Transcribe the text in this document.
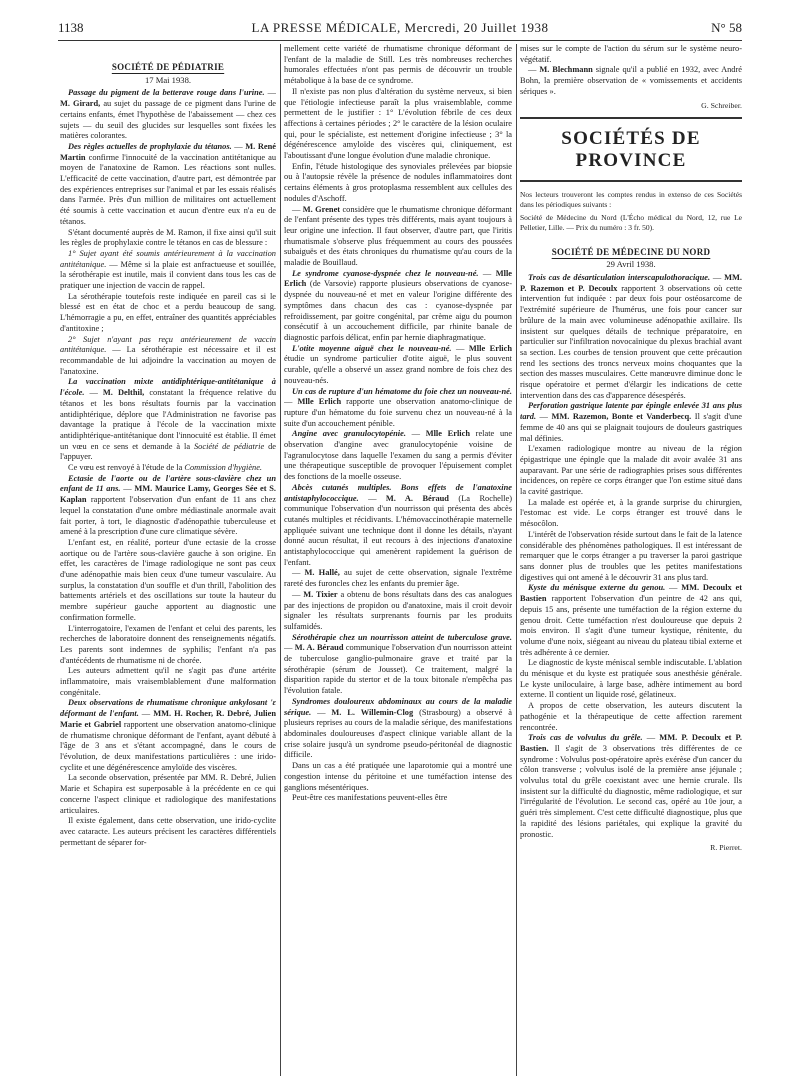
1138	LA PRESSE MÉDICALE, Mercredi, 20 Juillet 1938	N° 58
SOCIÉTÉ DE PÉDIATRIE
17 Mai 1938.

Passage du pigment de la betterave rouge dans l'urine. — M. Girard, au sujet du passage de ce pigment dans l'urine de certains enfants, émet l'hypothèse de l'abaissement — chez ces sujets — du seuil des glucides sur lesquelles sont fixées les matières colorantes.

Des règles actuelles de prophylaxie du tétanos. — M. René Martin confirme l'innocuité de la vaccination antitétanique au moyen de l'anatoxine de Ramon. Les réactions sont nulles. L'efficacité de cette vaccination, d'autre part, est démontrée par des expériences entreprises sur l'animal et par les essais réalisés dans l'armée. Près d'un million de militaires ont actuellement été soumis à cette vaccination et aucun d'entre eux n'a eu de tétanos.

S'étant documenté auprès de M. Ramon, il fixe ainsi qu'il suit les règles de prophylaxie contre le tétanos en cas de blessure :

1° Sujet ayant été soumis antérieurement à la vaccination antitétanique. — Même si la plaie est anfractueuse et souillée, la sérothérapie est inutile, mais il convient dans tous les cas de pratiquer une injection de vaccin de rappel.

La sérothérapie toutefois reste indiquée en pareil cas si le blessé est en état de choc et a perdu beaucoup de sang. L'hémorragie a pu, en effet, entraîner des quantités appréciables d'antitoxine ;

2° Sujet n'ayant pas reçu antérieurement de vaccin antitétanique. — La sérothérapie est nécessaire et il est recommandable de lui adjoindre la vaccination au moyen de l'anatoxine.

La vaccination mixte antidiphtérique-antitétanique à l'école. — M. Delthil, constatant la fréquence relative du tétanos et les bons résultats fournis par la vaccination antidiphtérique, déplore que l'Administration ne favorise pas davantage la pratique à l'école de la vaccination mixte antidiphtérique-antitétanique dont l'innocuité est établie. Il émet un vœu en ce sens et demande à la Société de pédiatrie de l'appuyer.

Ce vœu est renvoyé à l'étude de la Commission d'hygiène.

Ectasie de l'aorte ou de l'artère sous-clavière chez un enfant de 11 ans. — MM. Maurice Lamy, Georges Sée et S. Kaplan rapportent l'observation d'un enfant de 11 ans chez lequel la constatation d'une ombre médiastinale anormale avait fait porter, à tort, le diagnostic d'adénopathie tuberculeuse et amené à la prescription d'une cure climatique sévère.

L'enfant est, en réalité, porteur d'une ectasie de la crosse aortique ou de l'artère sous-clavière gauche à son origine. En effet, les caractères de l'image radiologique ne sont pas ceux d'une adénopathie mais bien ceux d'une tumeur vasculaire. Au surplus, la constatation d'un souffle et d'un thrill, l'abolition des battements artériels et des oscillations sur toute la hauteur du membre supérieur gauche apportent au diagnostic une confirmation formelle.

L'interrogatoire, l'examen de l'enfant et celui des parents, les recherches de laboratoire donnent des renseignements négatifs. Les parents sont indemnes de syphilis; l'enfant n'a pas d'antécédents de rhumatisme ni de chorée.

Les auteurs admettent qu'il ne s'agit pas d'une artérite inflammatoire, mais vraisemblablement d'une malformation congénitale.

Deux observations de rhumatisme chronique ankylosant 'ε déformant de l'enfant. — MM. H. Rocher, R. Debré, Julien Marie et Gabriel rapportent une observation anatomo-clinique de rhumatisme chronique déformant de l'enfant, ayant débuté à l'âge de 3 ans et s'étant accompagné, dans le cours de l'évolution, de deux manifestations particulières : une irido-cyclite et une dégénérescence amyloïde des viscères.

La seconde observation, présentée par MM. R. Debré, Julien Marie et Schapira est superposable à la précédente en ce qui concerne l'aspect clinique et radiologique des manifestations articulaires.

Il existe également, dans cette observation, une irido-cyclite avec cataracte. Les auteurs précisent les caractères différentiels permettant de séparer for-

mellement cette variété de rhumatisme chronique déformant de l'enfant de la maladie de Still. Les très nombreuses recherches humorales effectuées n'ont pas permis de découvrir un trouble métabolique à la base de ce syndrome.

Il n'existe pas non plus d'altération du système nerveux, si bien que l'étiologie infectieuse paraît la plus vraisemblable, comme permettent de le justifier : 1° L'évolution fébrile de ces deux affections à certaines périodes ; 2° le caractère de la lésion oculaire qui, pour le spécialiste, est nettement d'origine infectieuse ; 3° la dégénérescence amyloïde des viscères qui, cliniquement, est l'aboutissant d'une longue évolution d'une maladie chronique.

Enfin, l'étude histologique des synoviales prélevées par biopsie ou à l'autopsie révèle la présence de nodules inflammatoires dont certains éléments à gros protoplasma ressemblent aux cellules des nodules d'Aschoff.

— M. Grenet considère que le rhumatisme chronique déformant de l'enfant présente des types très différents, mais ayant toujours à leur origine une infection. Il faut observer, d'autre part, que l'iritis rhumatismale s'observe plus fréquemment au cours des poussées subaiguës et des états chroniques du rhumatisme qu'au cours de la maladie de Bouillaud.

Le syndrome cyanose-dyspnée chez le nouveau-né. — Mlle Erlich (de Varsovie) rapporte plusieurs observations de cyanose-dyspnée du nouveau-né et met en valeur l'origine différente des symptômes dans chacun des cas : cyanose-dyspnée par refroidissement, par goitre congénital, par crème aigu du poumon consécutif à un accouchement difficile, par rhinite banale de diagnostic parfois délicat, enfin par hernie diaphragmatique.

L'otite moyenne aiguë chez le nouveau-né. — Mlle Erlich étudie un syndrome particulier d'otite aiguë, le plus souvent curable, qu'elle a observé un assez grand nombre de fois chez des nouveau-nés.

Un cas de rupture d'un hématome du foie chez un nouveau-né. — Mlle Erlich rapporte une observation anatomo-clinique de rupture d'un hématome du foie survenu chez un nouveau-né à la suite d'un accouchement pénible.

Angine avec granulocytopénie. — Mlle Erlich relate une observation d'angine avec granulocytopénie voisine de l'agranulocytose dans laquelle l'examen du sang a permis d'éviter une thérapeutique susceptible de provoquer l'épuisement complet des fonctions de la moelle osseuse.

Abcès cutanés multiples. Bons effets de l'anatoxine antistaphylococcique. — M. A. Béraud (La Rochelle) communique l'observation d'un nourrisson qui présenta des abcès cutanés multiples et récidivants. L'hémovaccinothérapie maternelle appliquée suivant une technique dont il donne les détails, n'ayant donné aucun résultat, il eut recours à des injections d'anatoxine antistaphylococcique qui amenèrent rapidement la guérison de l'enfant.

— M. Hallé, au sujet de cette observation, signale l'extrême rareté des furoncles chez les enfants du premier âge.

— M. Tixier a obtenu de bons résultats dans des cas analogues par des injections de propidon ou d'anatoxine, mais il croit devoir signaler les résultats surprenants fournis par les produits sulfamidés.

Sérothérapie chez un nourrisson atteint de tuberculose grave. — M. A. Béraud communique l'observation d'un nourrisson atteint de tuberculose ganglio-pulmonaire grave et traité par la sérothérapie (sérum de Jousset). Ce traitement, malgré la disparition rapide du stertor et de la toux bitonale n'empêcha pas l'évolution fatale.

Syndromes douloureux abdominaux au cours de la maladie sérique. — M. L. Willemin-Clog (Strasbourg) a observé à plusieurs reprises au cours de la maladie sérique, des manifestations abdominales douloureuses d'aspect clinique variable allant de la crise solaire jusqu'à un syndrome pseudo-péritonéal de diagnostic difficile.

Dans un cas a été pratiquée une laparotomie qui a montré une congestion intense du péritoine et une tuméfaction intense des ganglions mésentériques.

Peut-être ces manifestations peuvent-elles être

mises sur le compte de l'action du sérum sur le système neuro-végétatif.

— M. Blechmann signale qu'il a publié en 1932, avec André Bohn, la première observation de « vomissements et accidents sériques ».

G. Schreiber.
SOCIÉTÉS DE PROVINCE

Nos lecteurs trouveront les comptes rendus in extenso de ces Sociétés dans les périodiques suivants :

Société de Médecine du Nord (L'Écho médical du Nord, 12, rue Le Pelletier, Lille. — Prix du numéro : 3 fr. 50).

SOCIÉTÉ DE MÉDECINE DU NORD
29 Avril 1938.

Trois cas de désarticulation interscapulothoracique. — MM. P. Razemon et P. Decoulx rapportent 3 observations où cette intervention fut indiquée : par deux fois pour ostéosarcome de l'extrémité supérieure de l'humérus, une fois pour cancer sur brûlure de la main avec volumineuse adénopathie axillaire. Ils insistent sur quelques détails de technique préparatoire, en particulier sur l'infiltration novocaïnique du plexus brachial avant sa section. Les courbes de tension prouvent que cette précaution rend les sections des troncs nerveux moins choquantes que la section des masses musculaires. Cette manœuvre diminue donc le risque opératoire et permet d'élargir les indications de cette intervention dans des cas d'apparence désespérés.

Perforation gastrique latente par épingle enlevée 31 ans plus tard. — MM. Razemon, Bonte et Vanderbecq. Il s'agit d'une femme de 40 ans qui se plaignait toujours de douleurs gastriques mal définies.

L'examen radiologique montre au niveau de la région épigastrique une épingle que la malade dit avoir avalée 31 ans auparavant. Par une série de radiographies prises sous différentes incidences, on repère ce corps étranger que l'on estime situé dans la cavité gastrique.

La malade est opérée et, à la grande surprise du chirurgien, l'estomac est vide. Le corps étranger est trouvé dans le mésocôlon.

L'intérêt de l'observation réside surtout dans le fait de la latence considérable des phénomènes pathologiques. Il est intéressant de remarquer que le corps étranger a pu traverser la paroi gastrique sans donner plus de troubles que les petites manifestations digestives qui ont amené à le découvrir 31 ans plus tard.

Kyste du ménisque externe du genou. — MM. Decoulx et Bastien rapportent l'observation d'un peintre de 42 ans qui, depuis 15 ans, présente une tuméfaction de la région externe du genou droit. Cette tuméfaction n'est douloureuse que depuis 2 mois environ. Il s'agit d'une tumeur kystique, rénitente, du volume d'une noix, siégeant au niveau du plateau tibial externe et très adhérente à ce dernier.

Le diagnostic de kyste méniscal semble indiscutable. L'ablation du ménisque et du kyste est pratiquée sous anesthésie générale. Le kyste uniloculaire, à large base, adhère intimement au bord externe. Il contient un liquide rosé, gélatineux.

A propos de cette observation, les auteurs discutent la pathogénie et la thérapeutique de cette affection rarement rencontrée.

Trois cas de volvulus du grêle. — MM. P. Decoulx et P. Bastien. Il s'agit de 3 observations très différentes de ce syndrome : Volvulus post-opératoire après exérèse d'un cancer du côlon transverse ; volvulus isolé de la première anse jéjunale ; volvulus total du grêle coexistant avec une hernie crurale. Ils insistent sur la difficulté du diagnostic, même radiologique, et sur l'irrégularité de l'évolution. Le second cas, opéré au 10e jour, a guéri très simplement. C'est cette difficulté diagnostique, plus que la rapidité des lésions pariétales, qui explique la gravité du pronostic.

R. Pierret.
